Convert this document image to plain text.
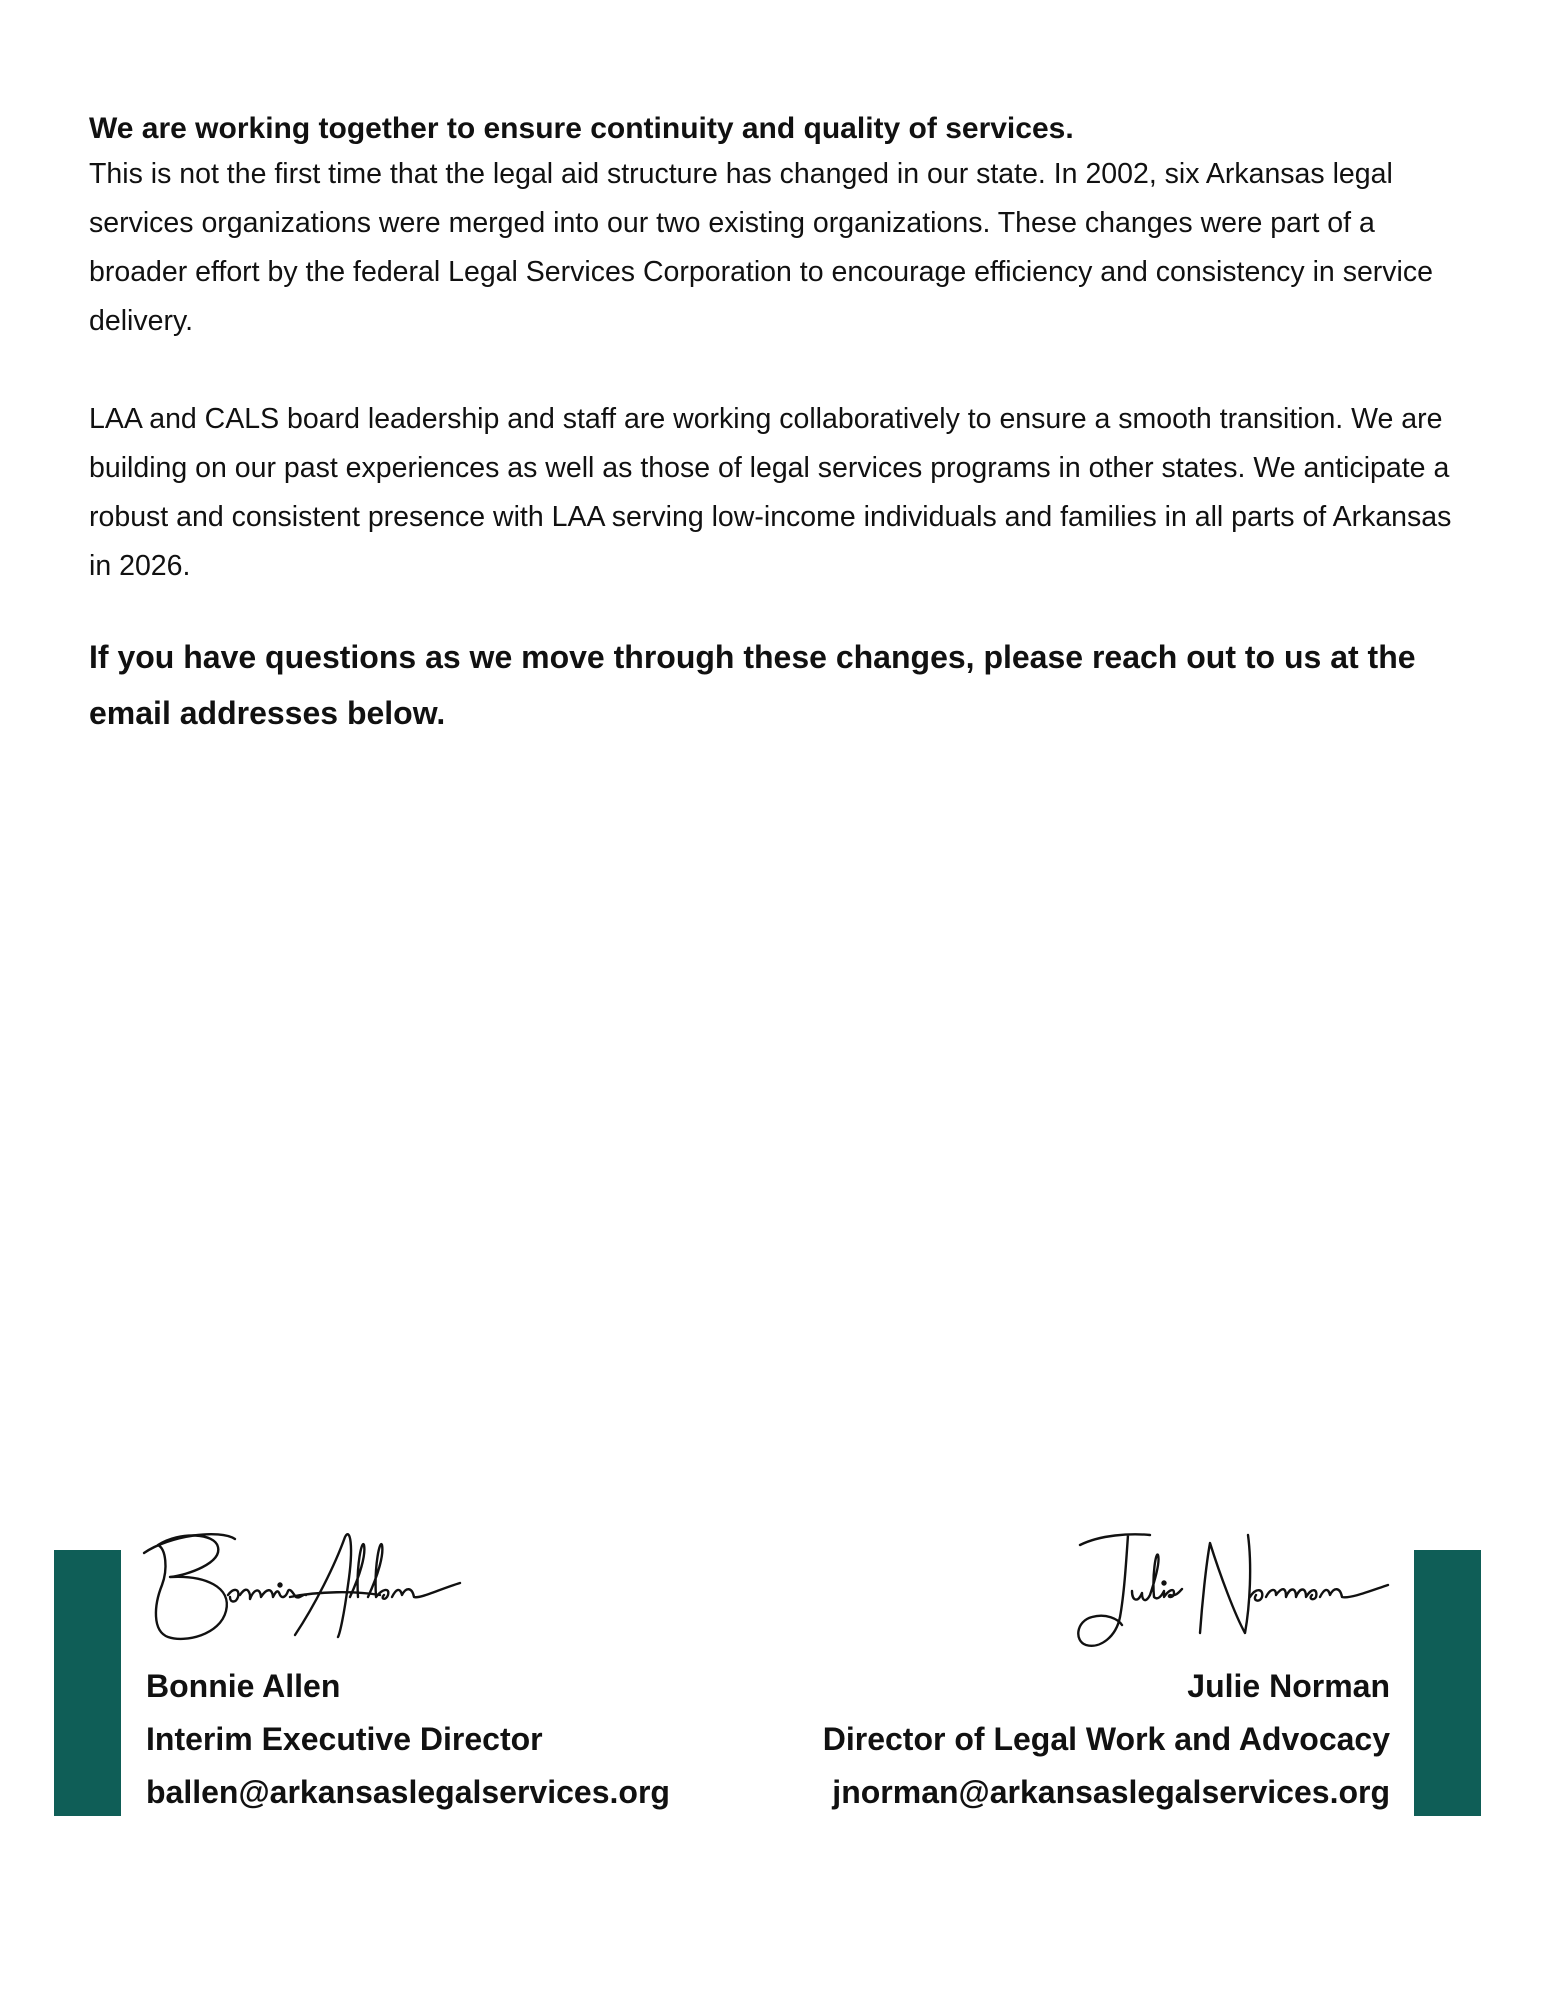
We are working together to ensure continuity and quality of services.

This is not the first time that the legal aid structure has changed in our state. In 2002, six Arkansas legal services organizations were merged into our two existing organizations. These changes were part of a broader effort by the federal Legal Services Corporation to encourage efficiency and consistency in service delivery.

LAA and CALS board leadership and staff are working collaboratively to ensure a smooth transition. We are building on our past experiences as well as those of legal services programs in other states. We anticipate a robust and consistent presence with LAA serving low-income individuals and families in all parts of Arkansas in 2026.

If you have questions as we move through these changes, please reach out to us at the email addresses below.

Bonnie Allen
Interim Executive Director
ballen@arkansaslegalservices.org
Julie Norman
Director of Legal Work and Advocacy
jnorman@arkansaslegalservices.org
